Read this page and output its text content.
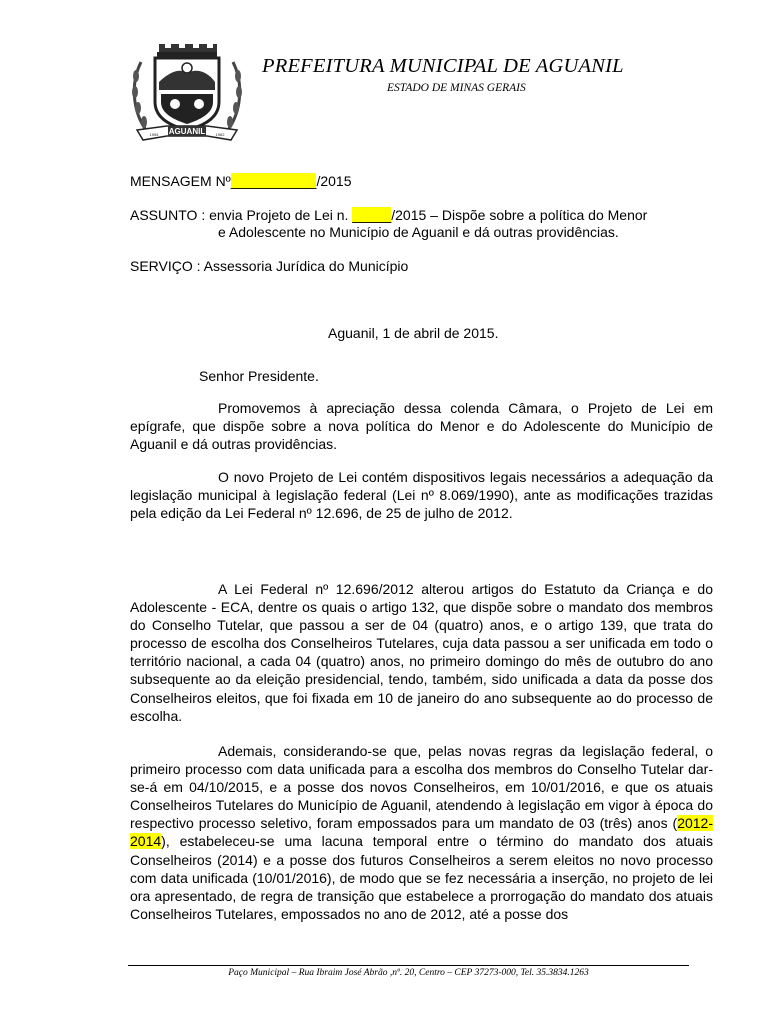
AGUANIL
1954	1962
PREFEITURA MUNICIPAL DE AGUANIL
ESTADO DE MINAS GERAIS
MENSAGEM Nº___________/2015
ASSUNTO : envia Projeto de Lei n. _____/2015 – Dispõe sobre a política do Menor
e Adolescente no Município de Aguanil e dá outras providências.
SERVIÇO : Assessoria Jurídica do Município
Aguanil, 1 de abril de 2015.
Senhor Presidente.

Promovemos à apreciação dessa colenda Câmara, o Projeto de Lei em epígrafe, que dispõe sobre a nova política do Menor e do Adolescente do Município de Aguanil e dá outras providências.

O novo Projeto de Lei contém dispositivos legais necessários a adequação da legislação municipal à legislação federal (Lei nº 8.069/1990), ante as modificações trazidas pela edição da Lei Federal nº 12.696, de 25 de julho de 2012.

A Lei Federal nº 12.696/2012 alterou artigos do Estatuto da Criança e do Adolescente - ECA, dentre os quais o artigo 132, que dispõe sobre o mandato dos membros do Conselho Tutelar, que passou a ser de 04 (quatro) anos, e o artigo 139, que trata do processo de escolha dos Conselheiros Tutelares, cuja data passou a ser unificada em todo o território nacional, a cada 04 (quatro) anos, no primeiro domingo do mês de outubro do ano subsequente ao da eleição presidencial, tendo, também, sido unificada a data da posse dos Conselheiros eleitos, que foi fixada em 10 de janeiro do ano subsequente ao do processo de escolha.

Ademais, considerando-se que, pelas novas regras da legislação federal, o primeiro processo com data unificada para a escolha dos membros do Conselho Tutelar dar-se-á em 04/10/2015, e a posse dos novos Conselheiros, em 10/01/2016, e que os atuais Conselheiros Tutelares do Município de Aguanil, atendendo à legislação em vigor à época do respectivo processo seletivo, foram empossados para um mandato de 03 (três) anos (2012-2014), estabeleceu-se uma lacuna temporal entre o término do mandato dos atuais Conselheiros (2014) e a posse dos futuros Conselheiros a serem eleitos no novo processo com data unificada (10/01/2016), de modo que se fez necessária a inserção, no projeto de lei ora apresentado, de regra de transição que estabelece a prorrogação do mandato dos atuais Conselheiros Tutelares, empossados no ano de 2012, até a posse dos

Paço Municipal – Rua Ibraim José Abrão ,nº. 20, Centro – CEP 37273-000, Tel. 35.3834.1263
